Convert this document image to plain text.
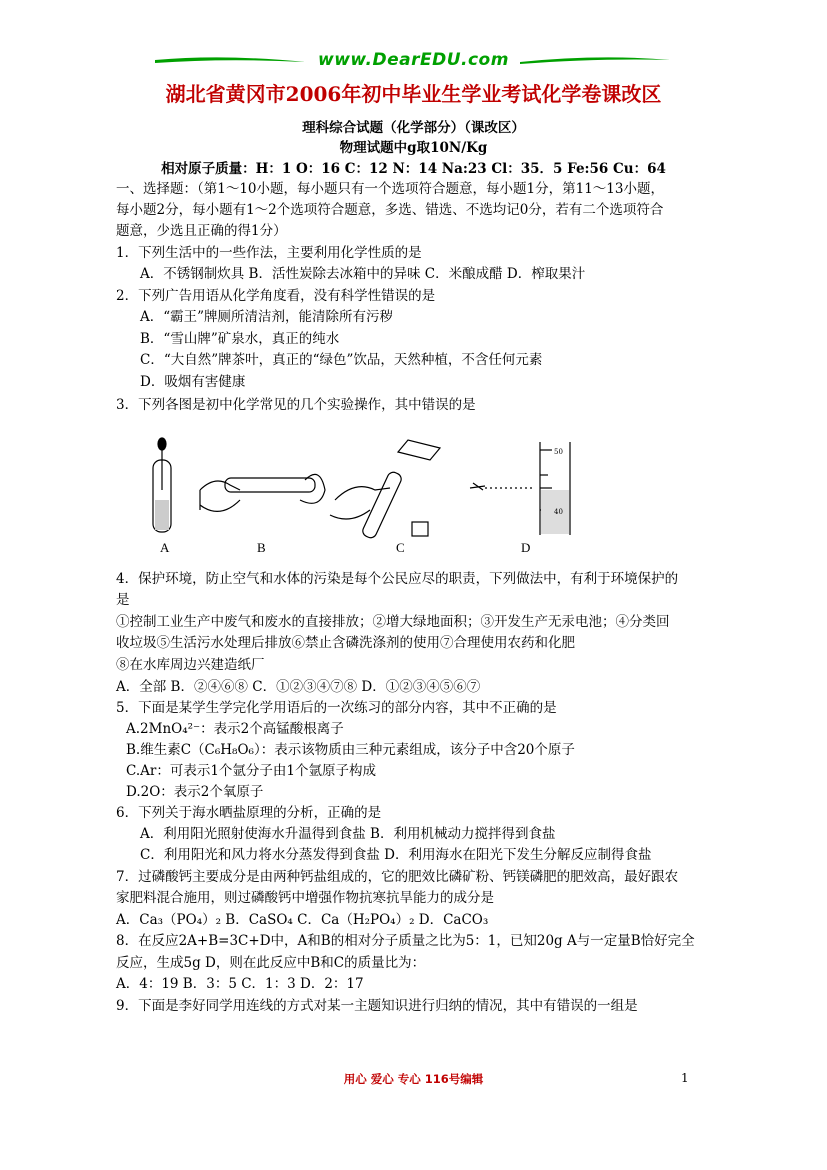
www.DearEDU.com
湖北省黄冈市2006年初中毕业生学业考试化学卷课改区
理科综合试题（化学部分）（课改区）
物理试题中g取10N/Kg
相对原子质量：H：1 O：16 C：12 N：14 Na:23 Cl：35．5 Fe:56 Cu：64
一、选择题：（第1～10小题，每小题只有一个选项符合题意，每小题1分，第11～13小题，
每小题2分，每小题有1～2个选项符合题意，多选、错选、不选均记0分，若有二个选项符合
题意，少选且正确的得1分）
1．下列生活中的一些作法，主要利用化学性质的是
A．不锈钢制炊具 B．活性炭除去冰箱中的异味 C．米酿成醋 D．榨取果汁
2．下列广告用语从化学角度看，没有科学性错误的是
A．“霸王”牌厕所清洁剂，能清除所有污秽
B．“雪山牌”矿泉水，真正的纯水
C．“大自然”牌茶叶，真正的“绿色”饮品，天然种植，不含任何元素
D．吸烟有害健康
3．下列各图是初中化学常见的几个实验操作，其中错误的是
50
40
A	B	C	D
4．保护环境，防止空气和水体的污染是每个公民应尽的职责，下列做法中，有利于环境保护的
是
①控制工业生产中废气和废水的直接排放；②增大绿地面积；③开发生产无汞电池；④分类回
收垃圾⑤生活污水处理后排放⑥禁止含磷洗涤剂的使用⑦合理使用农药和化肥
⑧在水库周边兴建造纸厂
A．全部 B．②④⑥⑧ C．①②③④⑦⑧ D．①②③④⑤⑥⑦
5．下面是某学生学完化学用语后的一次练习的部分内容，其中不正确的是
A.2MnO₄²⁻：表示2个高锰酸根离子
B.维生素C（C₆H₈O₆）：表示该物质由三种元素组成，该分子中含20个原子
C.Ar：可表示1个氩分子由1个氩原子构成
D.2O：表示2个氧原子
6．下列关于海水晒盐原理的分析，正确的是
A．利用阳光照射使海水升温得到食盐 B．利用机械动力搅拌得到食盐
C．利用阳光和风力将水分蒸发得到食盐 D．利用海水在阳光下发生分解反应制得食盐
7．过磷酸钙主要成分是由两种钙盐组成的，它的肥效比磷矿粉、钙镁磷肥的肥效高，最好跟农
家肥料混合施用，则过磷酸钙中增强作物抗寒抗旱能力的成分是
A．Ca₃（PO₄）₂ B．CaSO₄ C．Ca（H₂PO₄）₂ D．CaCO₃
8．在反应2A+B=3C+D中，A和B的相对分子质量之比为5：1，已知20g A与一定量B恰好完全
反应，生成5g D，则在此反应中B和C的质量比为：
A．4：19 B．3：5 C．1：3 D．2：17
9．下面是李好同学用连线的方式对某一主题知识进行归纳的情况，其中有错误的一组是
用心 爱心 专心 116号编辑	1
